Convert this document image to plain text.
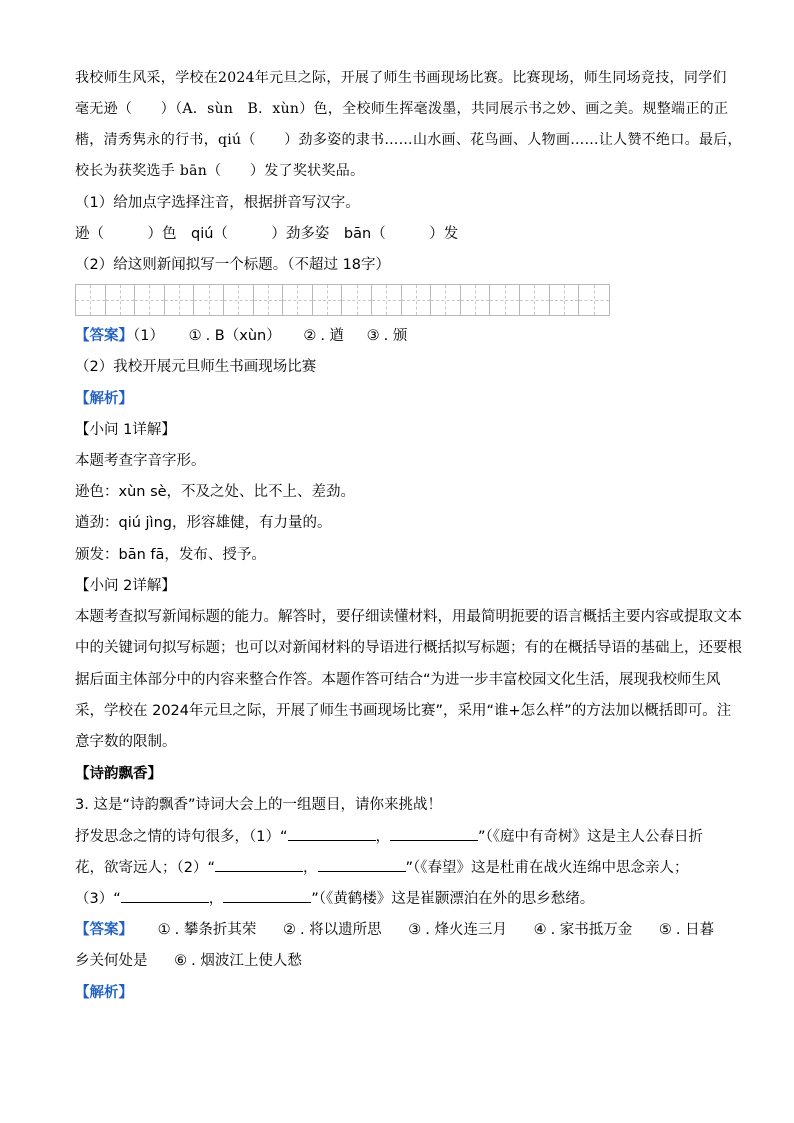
我校师生风采，学校在2024年元旦之际，开展了师生书画现场比赛。比赛现场，师生同场竞技，同学们
毫无逊（　　）（A．sùn　B．xùn）色，全校师生挥毫泼墨，共同展示书之妙、画之美。规整端正的正
楷，清秀隽永的行书，qiú（　　）劲多姿的隶书……山水画、花鸟画、人物画……让人赞不绝口。最后，
校长为获奖选手 bān（　　）发了奖状奖品。
（1）给加点字选择注音，根据拼音写汉字。
逊（　　　）色　qiú（　　　）劲多姿　bān（　　　）发
（2）给这则新闻拟写一个标题。（不超过 18字）
【答案】（1） ① . B（xùn） ② . 遒 ③ . 颁
（2）我校开展元旦师生书画现场比赛
【解析】
【小问 1详解】
本题考查字音字形。
逊色：xùn sè，不及之处、比不上、差劲。
遒劲：qiú jìng，形容雄健，有力量的。
颁发：bān fā，发布、授予。
【小问 2详解】
本题考查拟写新闻标题的能力。解答时，要仔细读懂材料，用最简明扼要的语言概括主要内容或提取文本
中的关键词句拟写标题；也可以对新闻材料的导语进行概括拟写标题；有的在概括导语的基础上，还要根
据后面主体部分中的内容来整合作答。本题作答可结合“为进一步丰富校园文化生活，展现我校师生风
采，学校在 2024年元旦之际，开展了师生书画现场比赛”，采用“谁+怎么样”的方法加以概括即可。注
意字数的限制。
【诗韵飘香】
3. 这是“诗韵飘香”诗词大会上的一组题目，请你来挑战！
抒发思念之情的诗句很多，（1）“	，	”（《庭中有奇树》这是主人公春日折
花，欲寄远人；（2）“	，	”（《春望》这是杜甫在战火连绵中思念亲人；
（3）“	，	”（《黄鹤楼》这是崔颢漂泊在外的思乡愁绪。
【答案】 ① . 攀条折其荣 ② . 将以遗所思 ③ . 烽火连三月 ④ . 家书抵万金 ⑤ . 日暮
乡关何处是 ⑥ . 烟波江上使人愁
【解析】
